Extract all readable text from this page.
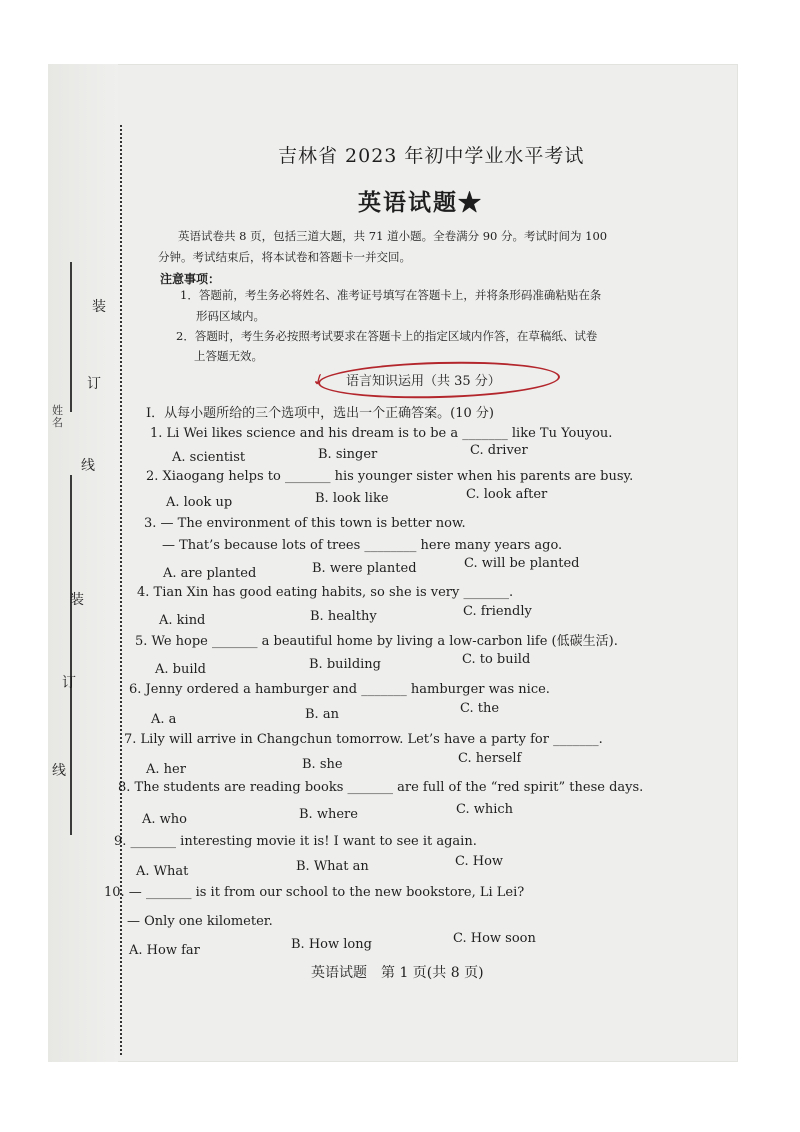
姓名
装
订
线
装
订
线
吉林省 2023 年初中学业水平考试
英语试题★
英语试卷共 8 页，包括三道大题，共 71 道小题。全卷满分 90 分。考试时间为 100
分钟。考试结束后，将本试卷和答题卡一并交回。
注意事项：
1．答题前，考生务必将姓名、准考证号填写在答题卡上，并将条形码准确粘贴在条
形码区域内。
2．答题时，考生务必按照考试要求在答题卡上的指定区域内作答，在草稿纸、试卷
上答题无效。
✓ 语言知识运用（共 35 分）
Ⅰ．从每小题所给的三个选项中，选出一个正确答案。(10 分)
1. Li Wei likes science and his dream is to be a _______ like Tu Youyou.
A. scientist	B. singer	C. driver
2. Xiaogang helps to _______ his younger sister when his parents are busy.
A. look up	B. look like	C. look after
3. — The environment of this town is better now.
— That’s because lots of trees ________ here many years ago.
A. are planted	B. were planted	C. will be planted
4. Tian Xin has good eating habits, so she is very _______.
A. kind	B. healthy	C. friendly
5. We hope _______ a beautiful home by living a low-carbon life (低碳生活).
A. build	B. building	C. to build
6. Jenny ordered a hamburger and _______ hamburger was nice.
A. a	B. an	C. the
7. Lily will arrive in Changchun tomorrow. Let’s have a party for _______.
A. her	B. she	C. herself
8. The students are reading books _______ are full of the “red spirit” these days.
A. who	B. where	C. which
9. _______ interesting movie it is! I want to see it again.
A. What	B. What an	C. How
10. — _______ is it from our school to the new bookstore, Li Lei?
— Only one kilometer.
A. How far	B. How long	C. How soon
英语试题　第 1 页(共 8 页)
